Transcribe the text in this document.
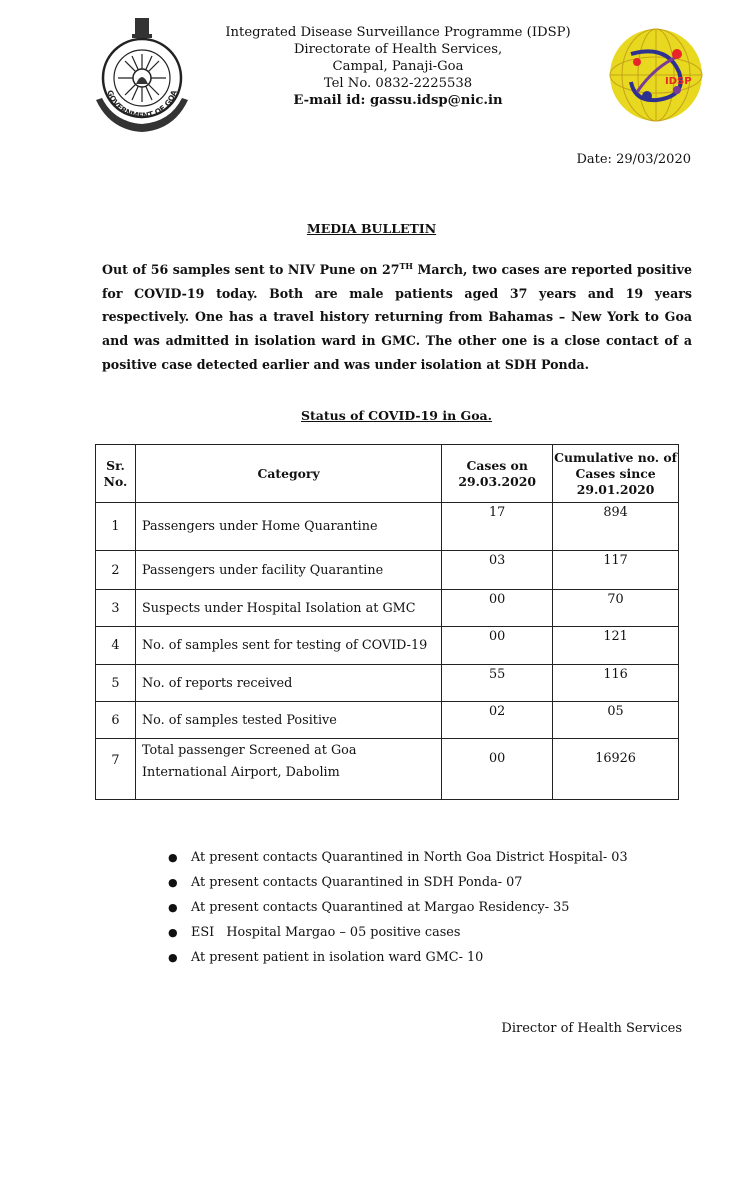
GOVERNMENT OF GOA
IDSP
Integrated Disease Surveillance Programme (IDSP)
Directorate of Health Services,
Campal, Panaji-Goa
Tel No. 0832-2225538
E-mail id: gassu.idsp@nic.in
Date: 29/03/2020
MEDIA BULLETIN
Out of 56 samples sent to NIV Pune on 27TH March, two cases are reported positive for COVID-19 today. Both are male patients aged 37 years and 19 years respectively. One has a travel history returning from Bahamas – New York to Goa and was admitted in isolation ward in GMC. The other one is a close contact of a positive case detected earlier and was under isolation at SDH Ponda.
Status of COVID-19 in Goa.
Sr. No.	Category	Cases on 29.03.2020	Cumulative no. of Cases since 29.01.2020
1	Passengers under Home Quarantine	17	894
2	Passengers under facility Quarantine	03	117
3	Suspects under Hospital Isolation at GMC	00	70
4	No. of samples sent for testing of COVID-19	00	121
5	No. of reports received	55	116
6	No. of samples tested Positive	02	05
7	Total passenger Screened at Goa International Airport, Dabolim	00	16926
● At present contacts Quarantined in North Goa District Hospital- 03
● At present contacts Quarantined in SDH Ponda- 07
● At present contacts Quarantined at Margao Residency- 35
● ESI   Hospital Margao – 05 positive cases
● At present patient in isolation ward GMC- 10
Director of Health Services
